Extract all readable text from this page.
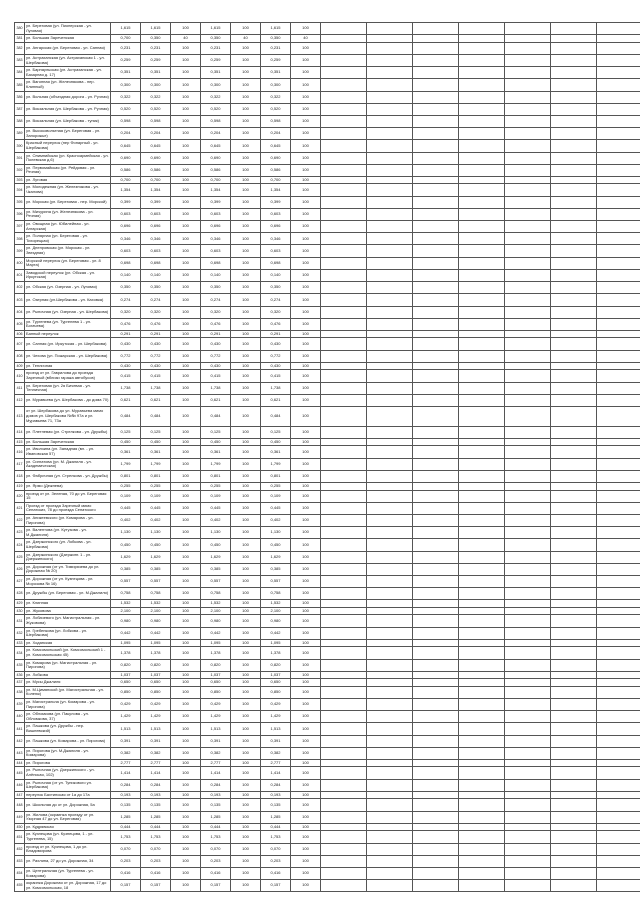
380	ул. Береговая (ул. Пионерская - ул. Луговая)	1,615	1,615	100	1,615	100	1,615	100							
381	ул. Большая Зареченская	0,700	0,350	40	0,350	40	0,350	40							
382	ул. Ангарская (ул. Береговая - ул. Санная)	0,231	0,231	100	0,231	100	0,231	100							
383	ул. Астраханская (ул. Астраханская 1 - ул. Шербакова)	0,259	0,259	100	0,259	100	0,259	100							
384	ул. Барнаульская (ул. Астраханская - ул. Базарная д. 17)	0,351	0,351	100	0,351	100	0,351	100							
385	ул. Вагонная (ул. Железнякова - пер. Клинный)	0,300	0,300	100	0,300	100	0,300	100							
386	ул. Вольная (объездная дорога - ул. Ручная)	0,322	0,322	100	0,322	100	0,322	100							
387	ул. Вокзальная (ул. Шербакова - ул. Ручная)	0,520	0,520	100	0,520	100	0,520	100							
388	ул. Вокзальная (ул. Шербакова - тупик)	0,598	0,598	100	0,598	100	0,598	100							
389	ул. Высоковольтная (ул. Береговая - ул. Запорожье)	0,204	0,204	100	0,204	100	0,204	100							
390	Красный переулок (пер Фонарный - ул. Шербакова)	0,645	0,645	100	0,645	100	0,645	100							
391	ул. Олимпийская (ул. Красноармейская - ул. Полевская д.6)	0,690	0,690	100	0,690	100	0,690	100							
392	ул. Первомайская (ул. Рейдовая - ул. Речная)	0,586	0,586	100	0,586	100	0,586	100							
393	ул. Луговая	0,700	0,700	100	0,700	100	0,700	100							
394	ул. Молодежная (ул. Железнякова - ул. Чкалова)	1,354	1,354	100	1,354	100	1,354	100							
395	ул. Морская (ул. Береговая - пер. Морской)	0,399	0,399	100	0,399	100	0,399	100							
396	ул. Мичурина (ул. Железнякова - ул. Речная)	0,603	0,603	100	0,603	100	0,603	100							
397	ул. Овощная (ул. Юбилейная - ул. Ангарская)	0,696	0,696	100	0,696	100	0,696	100							
398	ул. Полярная (ул. Береговая - ул. Тихорецкая)	0,346	0,346	100	0,346	100	0,346	100							
399	ул. Днепровская (ул. Морская - ул. Звездная)	0,603	0,603	100	0,603	100	0,603	100							
400	Морской переулок (ул. Береговая - ул. 8 Марта)	0,698	0,698	100	0,698	100	0,698	100							
401	Заводской переулок (ул. Обская - ул. Иркутская)	0,140	0,140	100	0,140	100	0,140	100							
402	ул. Обская (ул. Озерная - ул. Луговая)	0,350	0,350	100	0,350	100	0,350	100							
403	ул. Озерная (ул.Шербакова - ул. Каховка)	0,274	0,274	100	0,274	100	0,274	100							
404	ул. Рыночная (ул. Озерная - ул. Шербакова)	0,320	0,320	100	0,320	100	0,320	100							
405	ул. Тургенева (ул. Тургенева 1 - ул. Богачева)	0,476	0,476	100	0,476	100	0,476	100							
406	Банный переулок	0,291	0,291	100	0,291	100	0,291	100							
407	ул. Санная (ул. Иркутская - ул. Шербакова)	0,430	0,430	100	0,430	100	0,430	100							
408	ул. Чехова (ул. Пожарская - ул. Шербакова)	0,772	0,772	100	0,772	100	0,772	100							
409	ул. Тепличная	0,430	0,430	100	0,430	100	0,430	100							
410	проезд от ул. Гаврилова до проезда Заречный (вблизи гаража автобусов)	0,415	0,415	100	0,415	100	0,415	100							
411	ул. Береговая (ул. 2я Бичевая - ул. Тепличная)	1,738	1,738	100	1,738	100	1,738	100							
412	ул. Муравьева (ул. Шербакова - до дома 70)	0,621	0,621	100	0,621	100	0,621	100							
413	от ул. Шербакова до ул. Муравьева мимо домов ул. Шербакова №№ 97а и ул. Муравьева 71, 73а	0,484	0,484	100	0,484	100	0,484	100							
414	ул. Плетневая (ул. Стрелкова - ул. Дружбы)	0,125	0,125	100	0,125	100	0,125	100							
415	ул. Большая Зареченская	0,450	0,450	100	0,450	100	0,450	100							
416	ул. Иволзина (ул. Западная (вл. - ул. Ивановская 57)	0,361	0,361	100	0,361	100	0,361	100							
417	ул. Сигнатова (ул. М. Джалиля - ул. Академическая)	1,799	1,799	100	1,799	100	1,799	100							
418	ул. Фабричная (ул. Стрелкова - ул. Дружбы)	0,801	0,801	100	0,801	100	0,801	100							
419	ул. Ярмо (Дежнева)	0,255	0,255	100	0,255	100	0,255	100							
420	проезд от ул. Зеленая, 70 до ул. Береговая 15	0,109	0,109	100	0,109	100	0,109	100							
421	Проезд от проезда Заречный мимо Сенатских, 78 до проезда Сенатского	0,445	0,445	100	0,445	100	0,445	100							
422	ул. Аникеевского (ул. Комарова - ул. Пирогова)	0,402	0,402	100	0,402	100	0,402	100							
423	ул. Валентова (ул. Кутузова - ул. М.Джалиля)	1,130	1,130	100	1,130	100	1,130	100							
424	ул. Дзержинского (ул. Лобкова - ул. Шербакова)	0,450	0,450	100	0,450	100	0,450	100							
425	ул. Дзержинского (Дзержинг. 1 - ул. Дзержинского)	1,629	1,629	100	1,629	100	1,629	100							
426	ул. Дорожная (от ул. Тимирязева до ул. Дорожная № 20)	0,385	0,385	100	0,385	100	0,385	100							
427	ул. Дорожная (от ул. Кузнецова - ул. Морозова № 16)	0,557	0,557	100	0,557	100	0,557	100							
428	ул. Дружбы (ул. Береговая - ул. М.Джалиля)	0,758	0,758	100	0,758	100	0,758	100							
429	ул. Клинная	1,532	1,532	100	1,532	100	1,532	100							
430	ул. Жуковова	2,100	2,100	100	2,100	100	2,100	100							
431	ул. Лобачевого (ул. Магистральная - ул. Жуковова)	0,980	0,980	100	0,980	100	0,980	100							
432	ул. Гребенкова (ул. Лобкова - ул. Шербакова)	0,442	0,442	100	0,442	100	0,442	100							
433	ул. Ходанская	1,095	1,095	100	1,095	100	1,095	100							
434	ул. Комсомольский (ул. Комсомольский 1 - ул. Комсомольская 45)	1,378	1,378	100	1,378	100	1,378	100							
435	ул. Комарова (ул. Магистральная - ул. Пирогова)	0,820	0,820	100	0,820	100	0,820	100							
436	ул. Лобкова	1,037	1,037	100	1,037	100	1,037	100							
437	ул. Мусы Джалиля	0,650	0,650	100	0,650	100	0,650	100							
438	ул. М.Цимянской (ул. Магистральная - ул. Колеюк)	0,850	0,850	100	0,850	100	0,850	100							
439	ул. Магистральна (ул. Комарова - ул. Пирогова)	0,429	0,429	100	0,429	100	0,429	100							
440	ул. Обломкова (ул. Пакулова - ул. Обломкова, 37)	1,429	1,429	100	1,429	100	1,429	100							
441	ул. Пашкова (ул. Дружбы - пер. Вишневский)	1,513	1,513	100	1,513	100	1,513	100							
442	ул. Пашкова (ул. Комарова - ул. Пирогова)	0,391	0,391	100	0,391	100	0,391	100							
443	ул. Пирогова (ул. М.Джалиля - ул. Комарова)	0,382	0,382	100	0,382	100	0,382	100							
444	ул. Пирогова	2,777	2,777	100	2,777	100	2,777	100							
445	ул. Рыночная (ул. Дзержинского - ул. Алёнская, 102)	1,414	1,414	100	1,414	100	1,414	100							
446	ул. Рыночная (от ул. Тупикового ул. Шербакова)	0,284	0,284	100	0,284	100	0,284	100							
447	переулок Бахтинская от 1а до 17а	0,193	0,193	100	0,193	100	0,193	100							
448	ул. Школьная до от ул. Дорожная, 5а	0,135	0,135	100	0,135	100	0,135	100							
449	ул. Жилова (окраинка проезду от ул. Узорная 47 до ул. Береговая)	1,285	1,285	100	1,285	100	1,285	100							
450	ул. Кудрявская	0,444	0,444	100	0,444	100	0,444	100							
451	ул. Кузнецова (ул. Кузнецова, 1 - ул. Тургенева, 15)	1,753	1,753	100	1,753	100	1,753	100							
452	проезд от ул. Кузнецова, 1 до ул. Владимирова	0,070	0,070	100	0,070	100	0,070	100							
453	ул. Рахлина, 27 до ул. Дорожная, 34	0,203	0,203	100	0,203	100	0,203	100							
454	ул. Центральная (ул. Тургенева - ул. Комарова)	0,416	0,416	100	0,416	100	0,416	100							
455	окраинка Дорожная от ул. Дорожная, 17 до ул. Комсомольская, 18	0,157	0,157	100	0,157	100	0,157	100							
